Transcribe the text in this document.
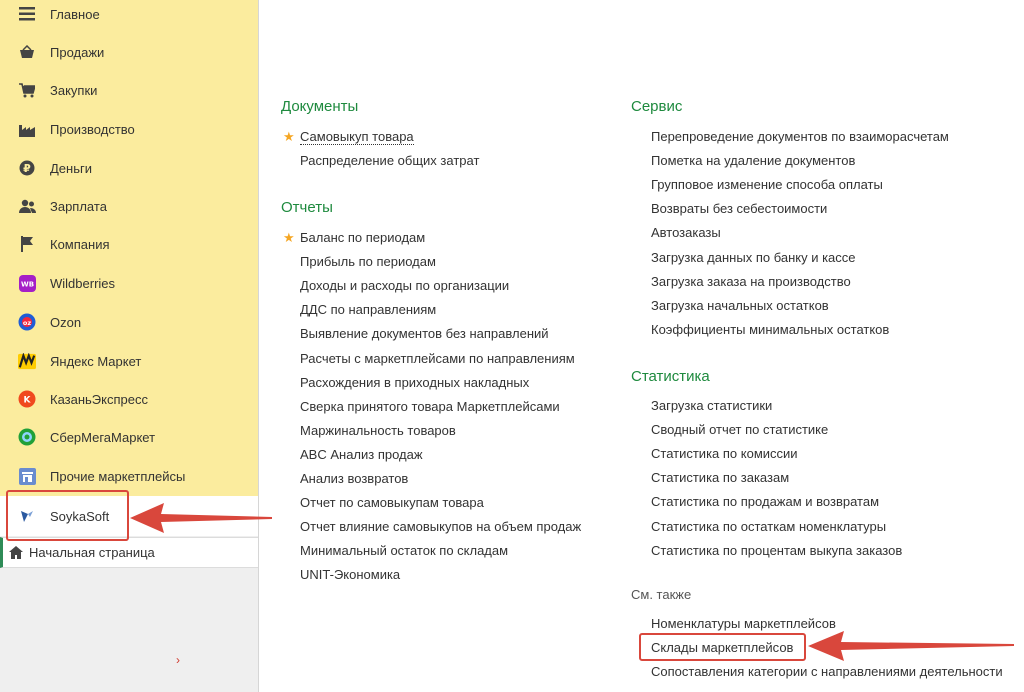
Главное
Продажи
Закупки
Производство
₽ Деньги
Зарплата
Компания
WB Wildberries
oz Ozon
Яндекс Маркет
K КазаньЭкспресс
СберМегаМаркет
Прочие маркетплейсы
SoykaSoft
Начальная страница
›
Документы
★ Самовыкуп товара
Распределение общих затрат
Отчеты
★ Баланс по периодам
Прибыль по периодам
Доходы и расходы по организации
ДДС по направлениям
Выявление документов без направлений
Расчеты с маркетплейсами по направлениям
Расхождения в приходных накладных
Сверка принятого товара Маркетплейсами
Маржинальность товаров
ABC Анализ продаж
Анализ возвратов
Отчет по самовыкупам товара
Отчет влияние самовыкупов на объем продаж
Минимальный остаток по складам
UNIT-Экономика
Сервис
Перепроведение документов по взаиморасчетам
Пометка на удаление документов
Групповое изменение способа оплаты
Возвраты без себестоимости
Автозаказы
Загрузка данных по банку и кассе
Загрузка заказа на производство
Загрузка начальных остатков
Коэффициенты минимальных остатков
Статистика
Загрузка статистики
Сводный отчет по статистике
Статистика по комиссии
Статистика по заказам
Статистика по продажам и возвратам
Статистика по остаткам номенклатуры
Статистика по процентам выкупа заказов
См. также
Номенклатуры маркетплейсов
Склады маркетплейсов
Сопоставления категории с направлениями деятельности
